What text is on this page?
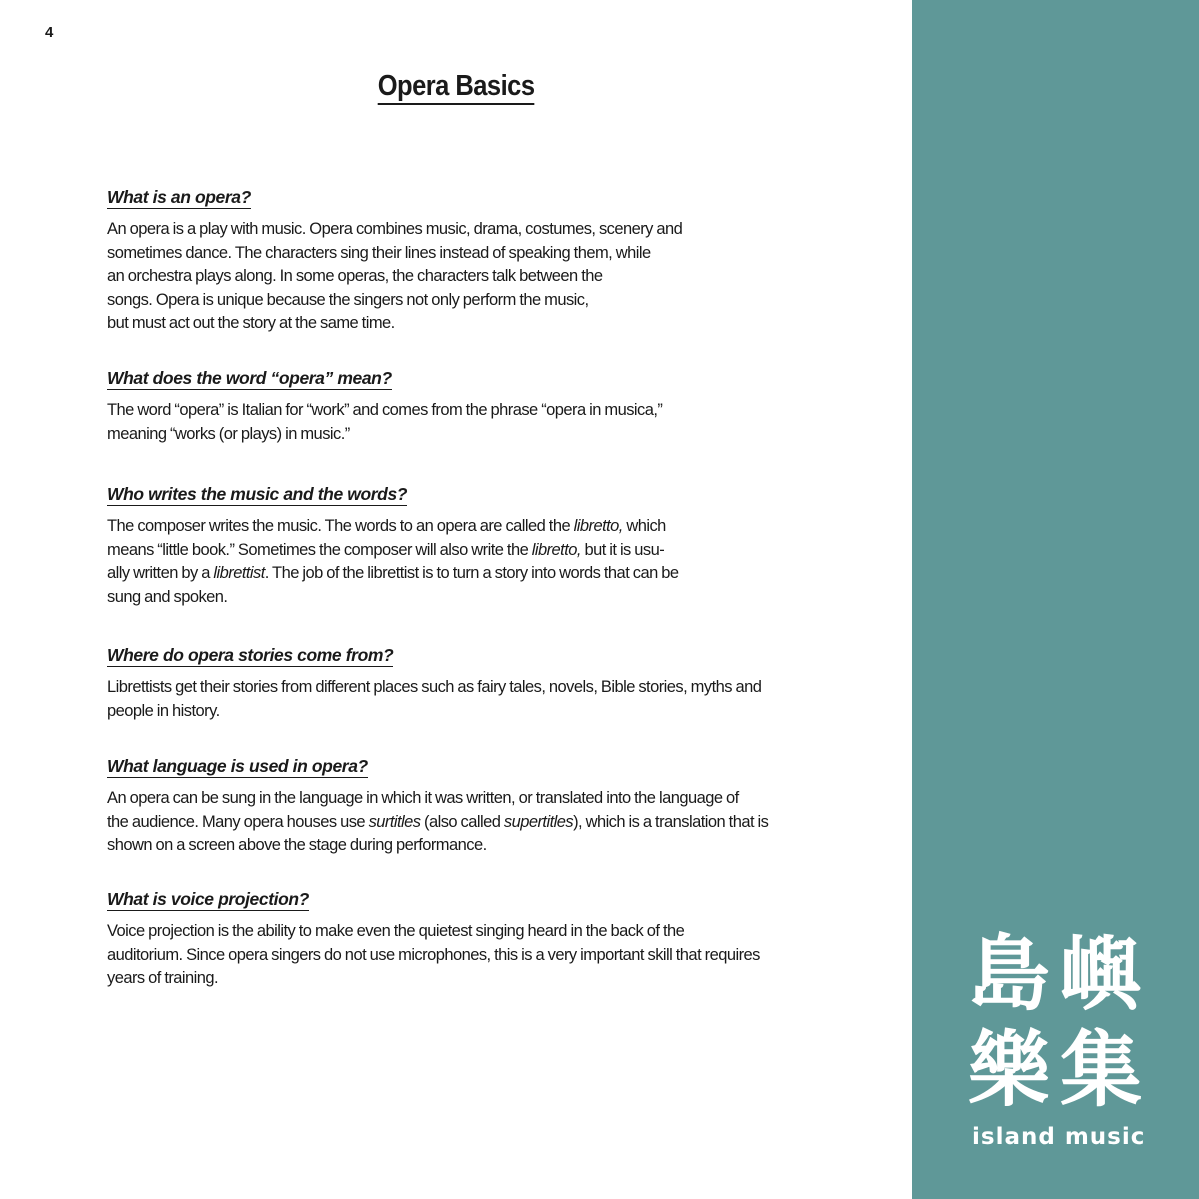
4
Opera Basics
What is an opera?
An opera is a play with music. Opera combines music, drama, costumes, scenery and
sometimes dance. The characters sing their lines instead of speaking them, while
an orchestra plays along. In some operas, the characters talk between the
songs. Opera is unique because the singers not only perform the music,
but must act out the story at the same time.
What does the word “opera” mean?
The word “opera” is Italian for “work” and comes from the phrase “opera in musica,”
meaning “works (or plays) in music.”
Who writes the music and the words?
The composer writes the music. The words to an opera are called the libretto, which
means “little book.” Sometimes the composer will also write the libretto, but it is usu-
ally written by a librettist. The job of the librettist is to turn a story into words that can be
sung and spoken.
Where do opera stories come from?
Librettists get their stories from different places such as fairy tales, novels, Bible stories, myths and
people in history.
What language is used in opera?
An opera can be sung in the language in which it was written, or translated into the language of
the audience. Many opera houses use surtitles (also called supertitles), which is a translation that is
shown on a screen above the stage during performance.
What is voice projection?
Voice projection is the ability to make even the quietest singing heard in the back of the
auditorium. Since opera singers do not use microphones, this is a very important skill that requires
years of training.	島 嶼
樂 集
island music
